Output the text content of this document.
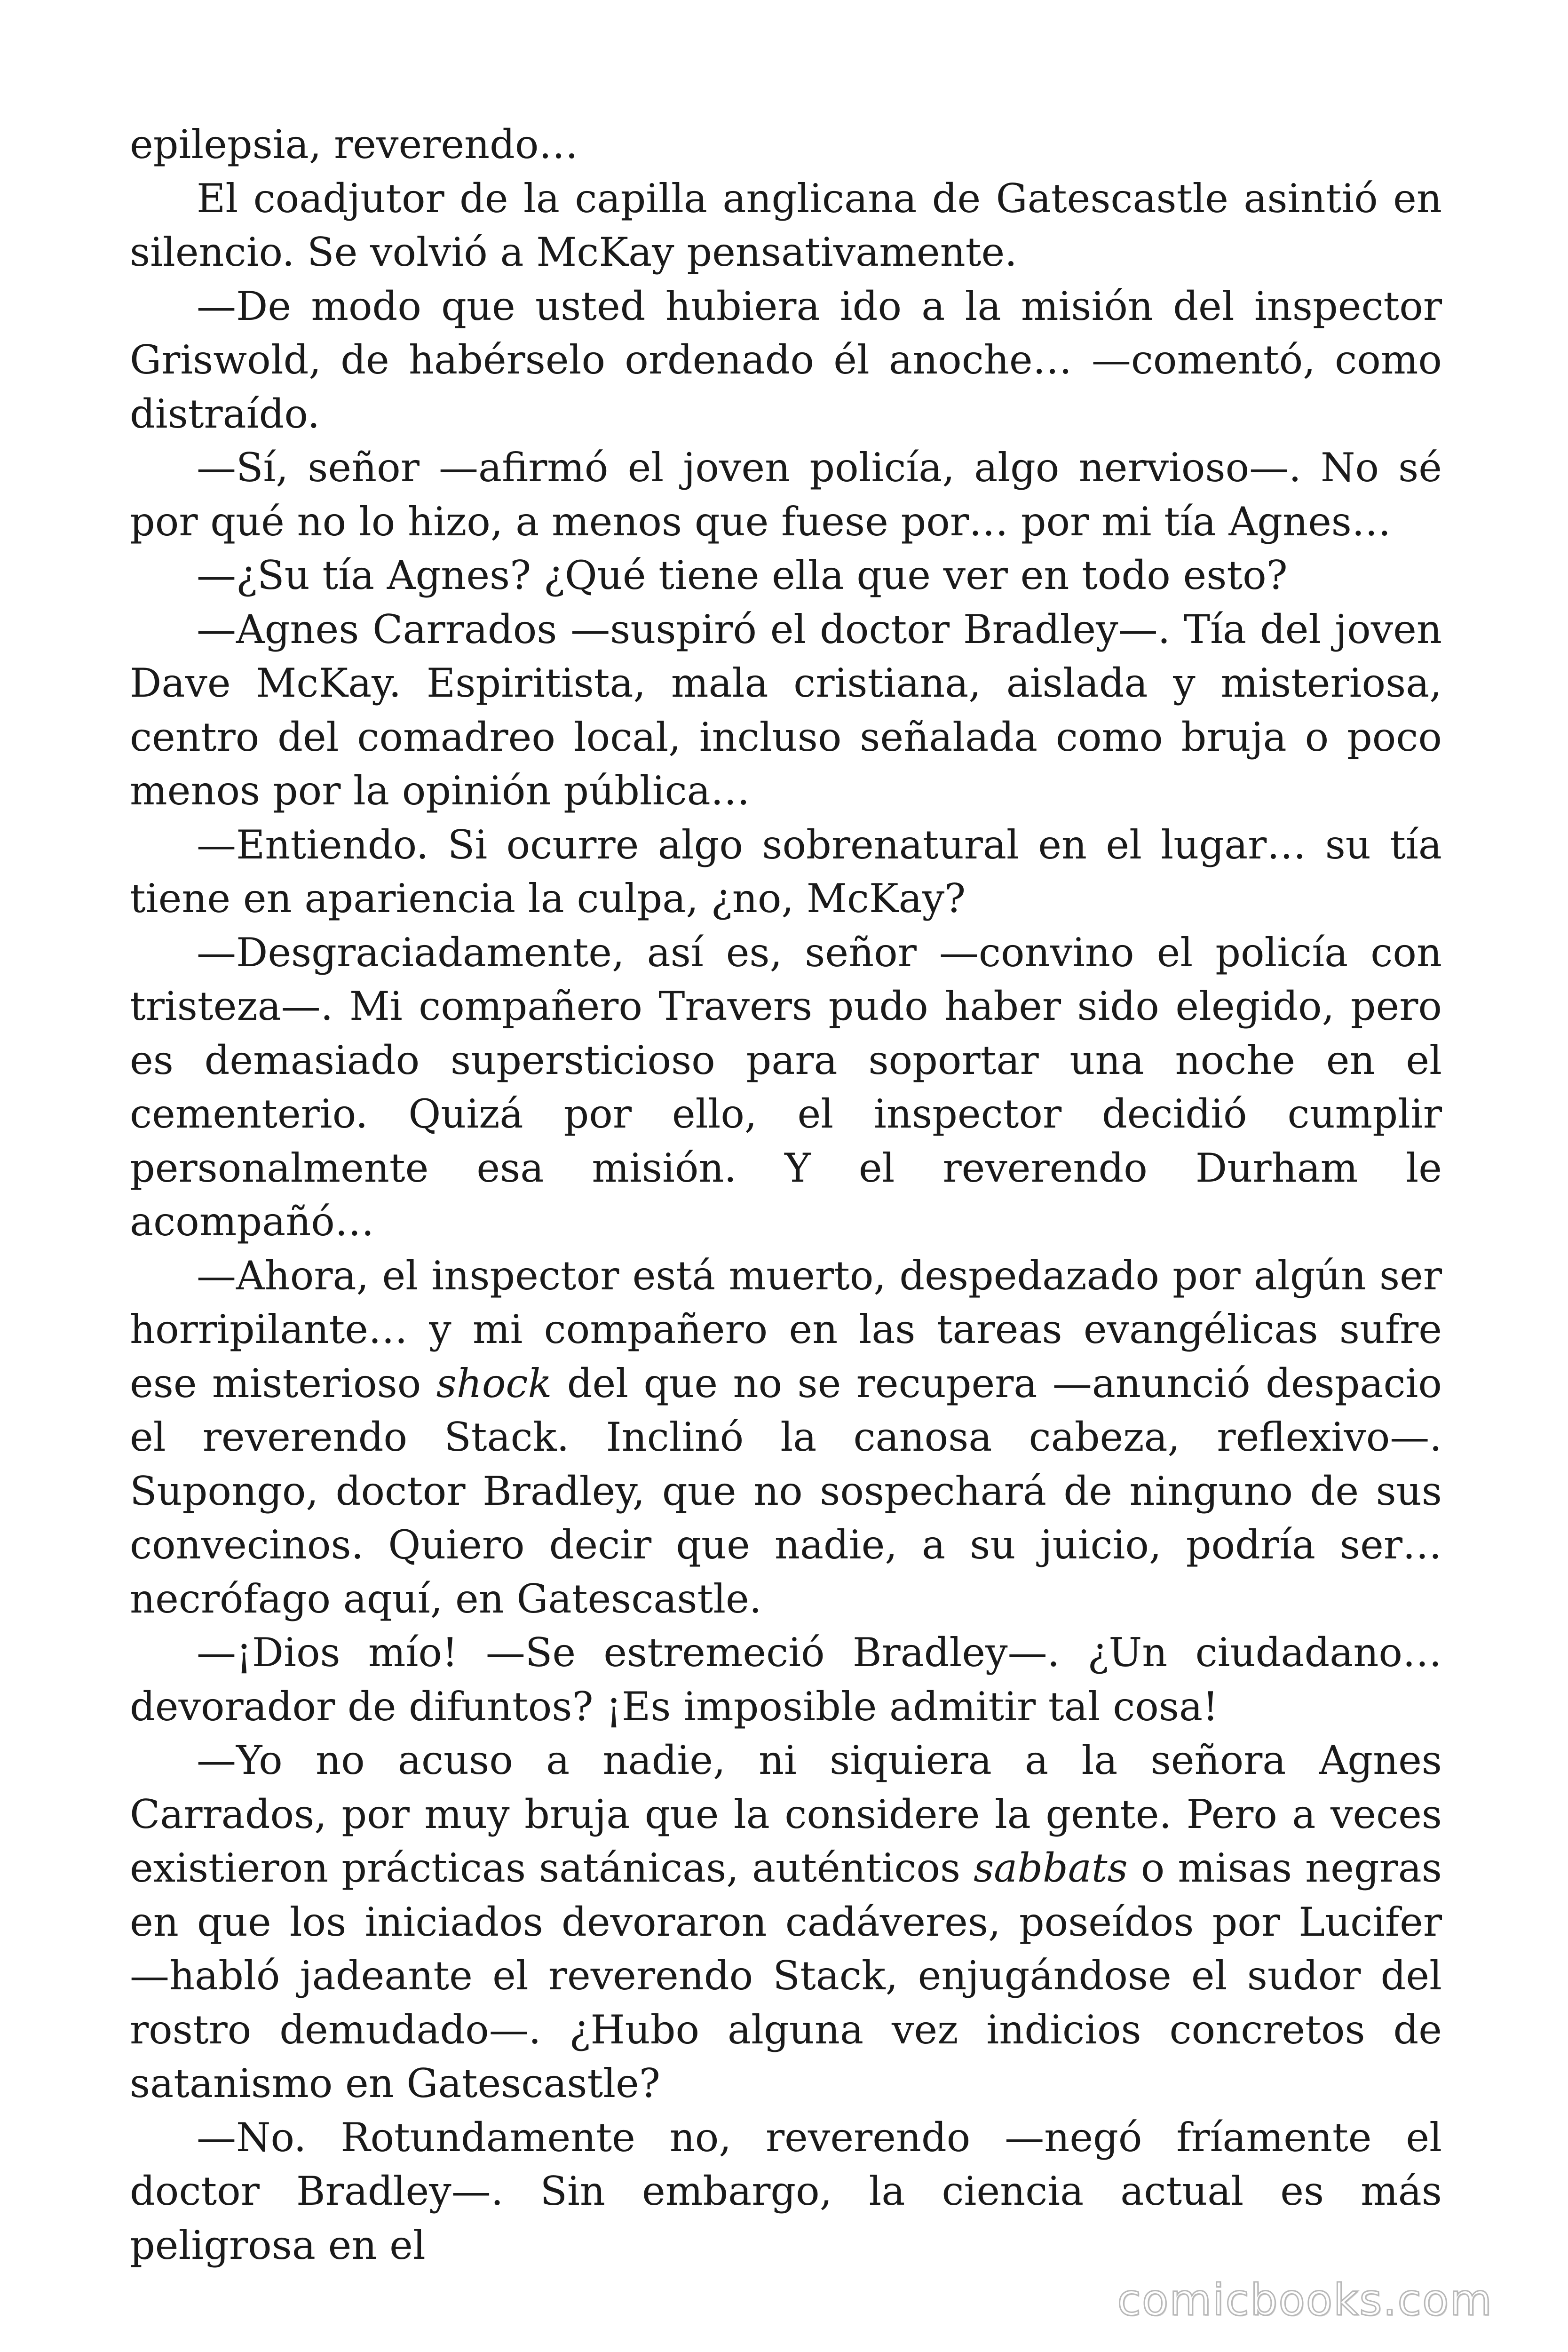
epilepsia, reverendo…

El coadjutor de la capilla anglicana de Gatescastle asintió en silencio. Se volvió a McKay pensativamente.

—De modo que usted hubiera ido a la misión del inspector Griswold, de habérselo ordenado él anoche… —comentó, como distraído.

—Sí, señor —afirmó el joven policía, algo nervioso—. No sé por qué no lo hizo, a menos que fuese por… por mi tía Agnes…

—¿Su tía Agnes? ¿Qué tiene ella que ver en todo esto?

—Agnes Carrados —suspiró el doctor Bradley—. Tía del joven Dave McKay. Espiritista, mala cristiana, aislada y misteriosa, centro del comadreo local, incluso señalada como bruja o poco menos por la opinión pública…

—Entiendo. Si ocurre algo sobrenatural en el lugar… su tía tiene en apariencia la culpa, ¿no, McKay?

—Desgraciadamente, así es, señor —convino el policía con tristeza—. Mi compañero Travers pudo haber sido elegido, pero es demasiado supersticioso para soportar una noche en el cementerio. Quizá por ello, el inspector decidió cumplir personalmente esa misión. Y el reverendo Durham le acompañó…

—Ahora, el inspector está muerto, despedazado por algún ser horripilante… y mi compañero en las tareas evangélicas sufre ese misterioso shock del que no se recupera —anunció despacio el reverendo Stack. Inclinó la canosa cabeza, reflexivo—. Supongo, doctor Bradley, que no sospechará de ninguno de sus convecinos. Quiero decir que nadie, a su juicio, podría ser… necrófago aquí, en Gatescastle.

—¡Dios mío! —Se estremeció Bradley—. ¿Un ciudadano… devorador de difuntos? ¡Es imposible admitir tal cosa!

—Yo no acuso a nadie, ni siquiera a la señora Agnes Carrados, por muy bruja que la considere la gente. Pero a veces existieron prácticas satánicas, auténticos sabbats o misas negras en que los iniciados devoraron cadáveres, poseídos por Lucifer —habló jadeante el reverendo Stack, enjugándose el sudor del rostro demudado—. ¿Hubo alguna vez indicios concretos de satanismo en Gatescastle?

—No. Rotundamente no, reverendo —negó fríamente el doctor Bradley—. Sin embargo, la ciencia actual es más peligrosa en el

comicbooks.com
